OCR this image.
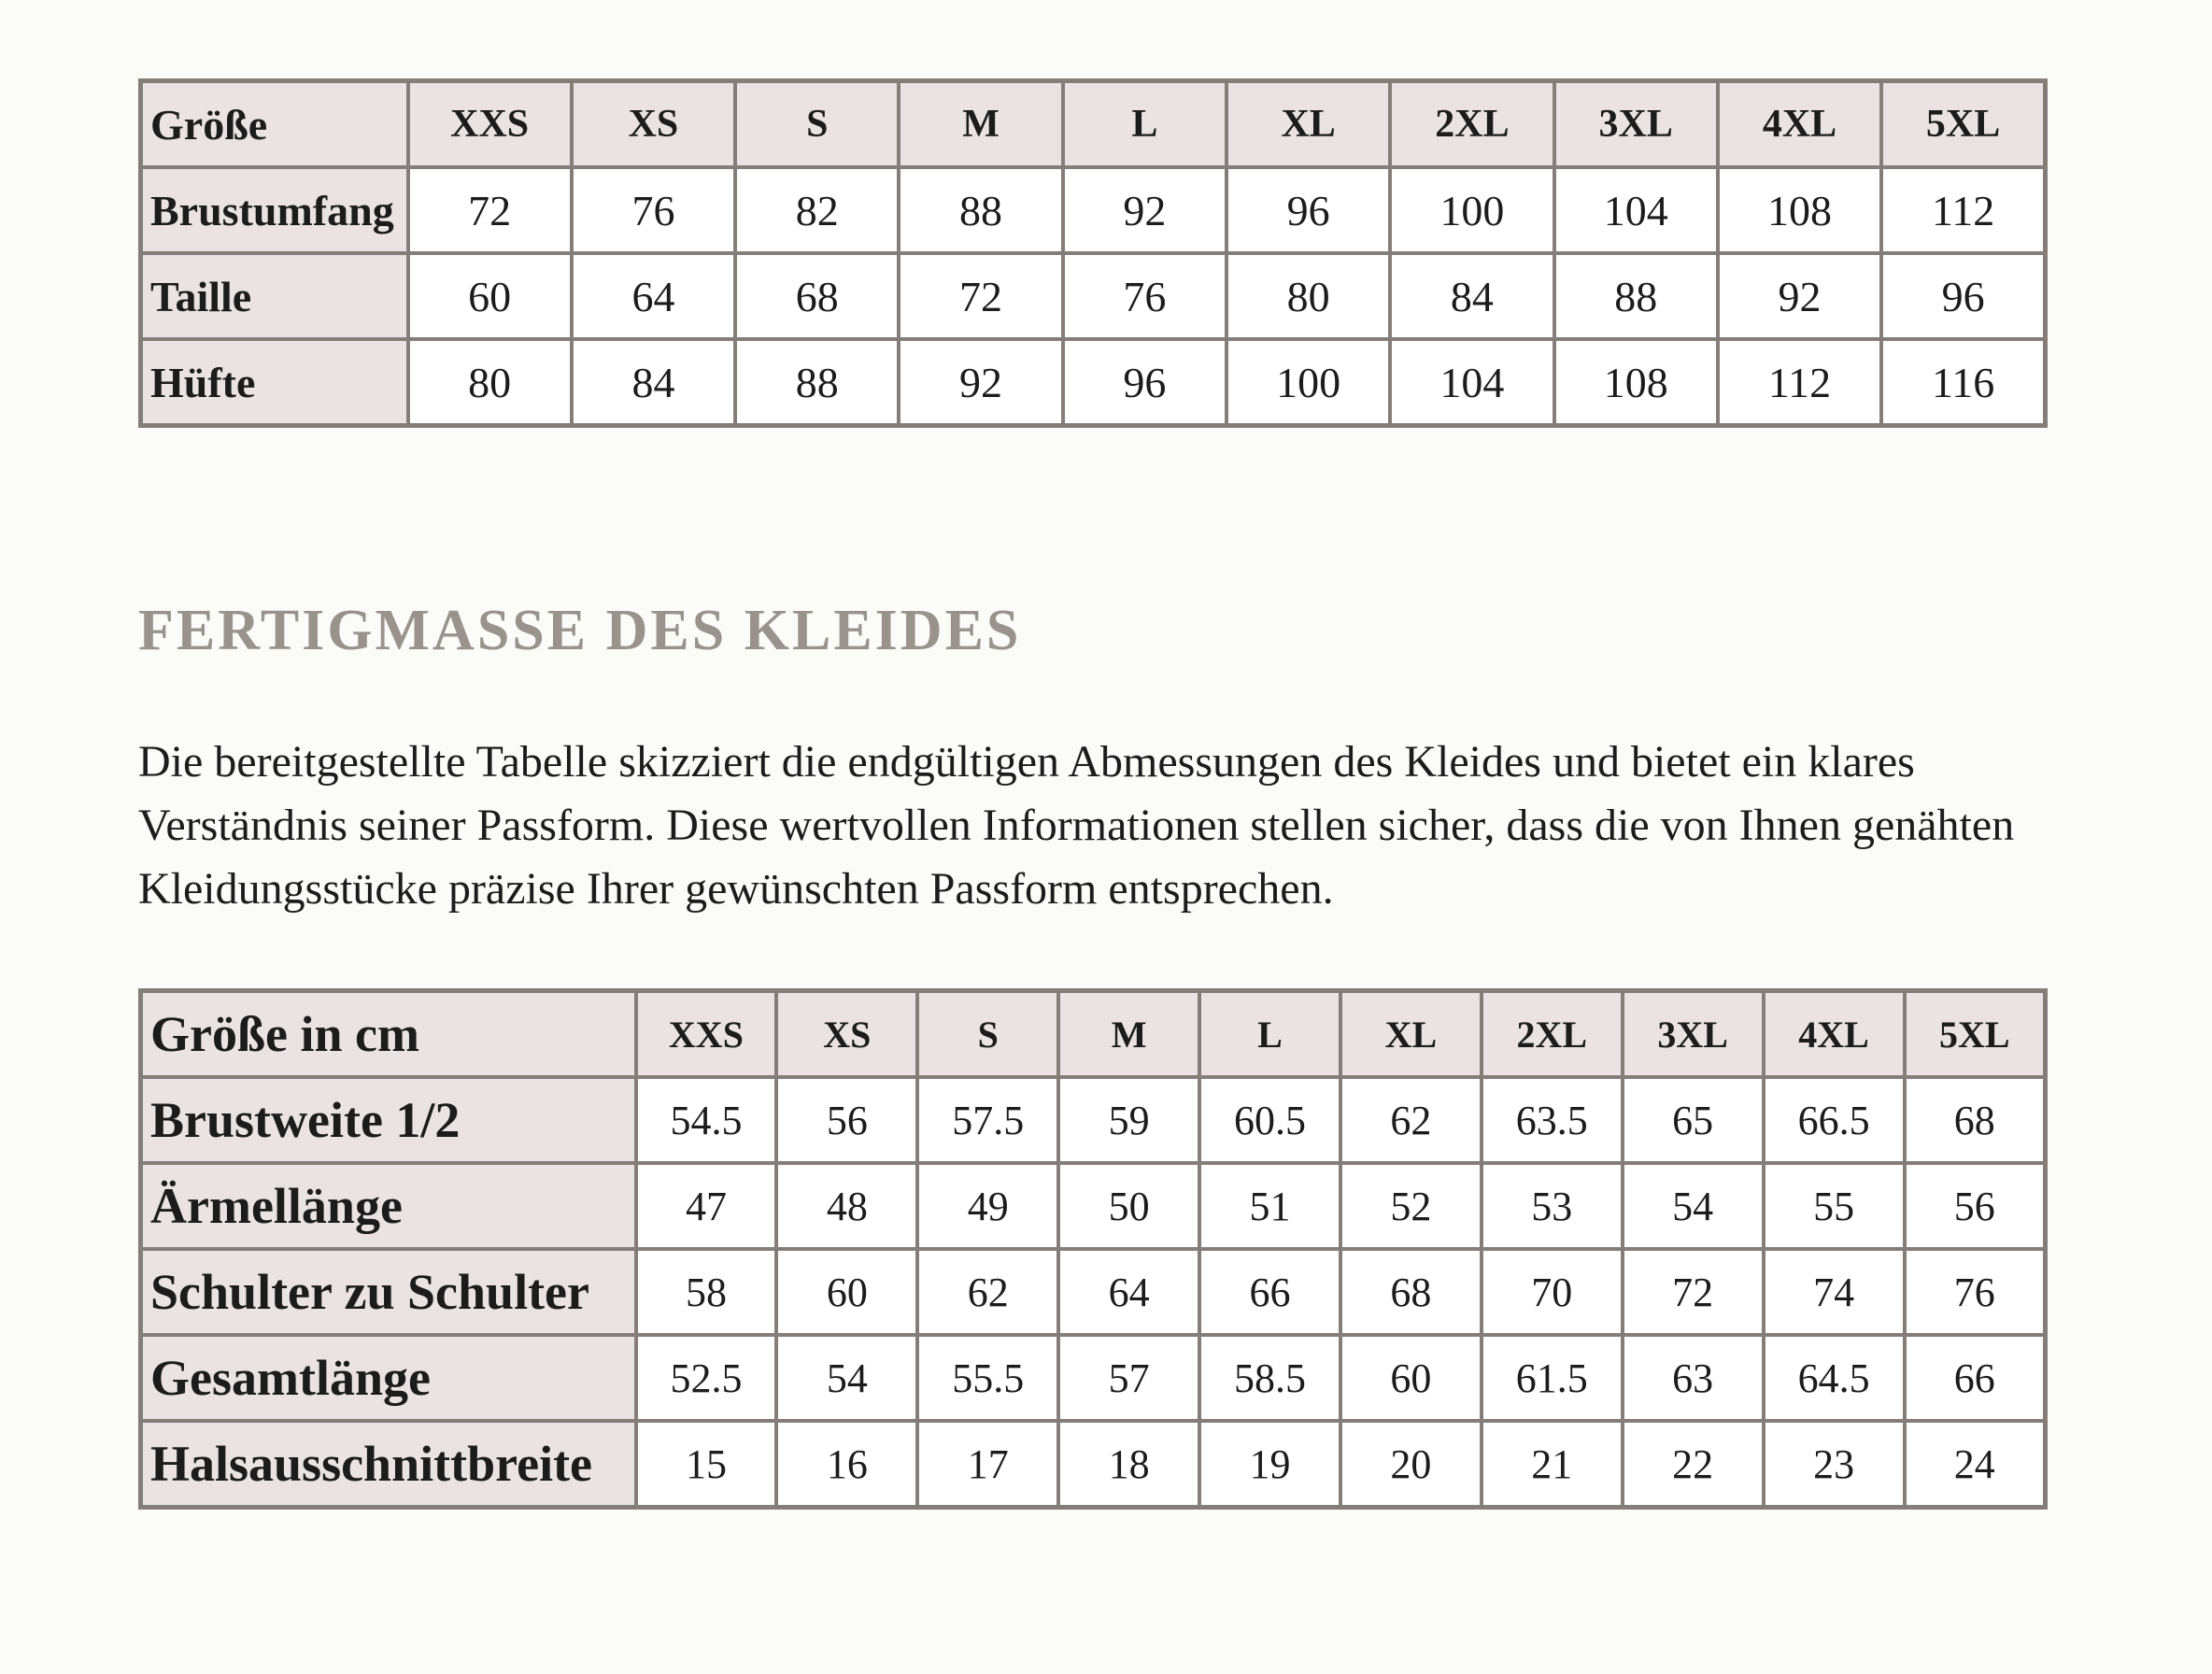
Größe	XXS	XS	S	M	L	XL	2XL	3XL	4XL	5XL
Brustumfang	72	76	82	88	92	96	100	104	108	112
Taille	60	64	68	72	76	80	84	88	92	96
Hüfte	80	84	88	92	96	100	104	108	112	116
FERTIGMASSE DES KLEIDES

Die bereitgestellte Tabelle skizziert die endgültigen Abmessungen des Kleides und bietet ein klares Verständnis seiner Passform. Diese wertvollen Informationen stellen sicher, dass die von Ihnen genähten Kleidungsstücke präzise Ihrer gewünschten Passform entsprechen.

Größe in cm	XXS	XS	S	M	L	XL	2XL	3XL	4XL	5XL
Brustweite 1/2	54.5	56	57.5	59	60.5	62	63.5	65	66.5	68
Ärmellänge	47	48	49	50	51	52	53	54	55	56
Schulter zu Schulter	58	60	62	64	66	68	70	72	74	76
Gesamtlänge	52.5	54	55.5	57	58.5	60	61.5	63	64.5	66
Halsausschnittbreite	15	16	17	18	19	20	21	22	23	24
